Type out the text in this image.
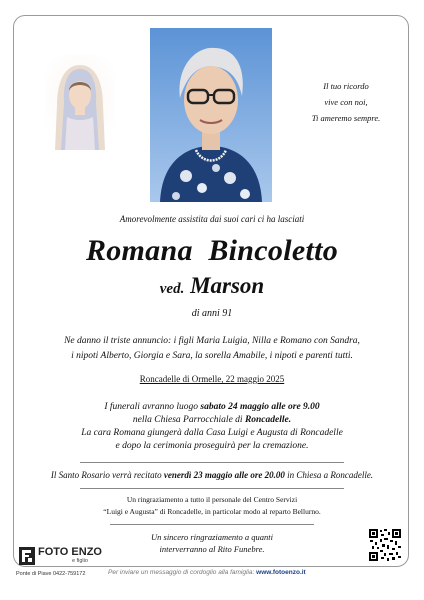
Il tuo ricordo
vive con noi,
Ti ameremo sempre.
Amorevolmente assistita dai suoi cari ci ha lasciati
Romana  Bincoletto
ved. Marson
di anni 91
Ne danno il triste annuncio: i figli Maria Luigia, Nilla e Romano con Sandra,
i nipoti Alberto, Giorgia e Sara, la sorella Amabile, i nipoti e parenti tutti.
Roncadelle di Ormelle, 22 maggio 2025
I funerali avranno luogo sabato 24 maggio alle ore 9.00
nella Chiesa Parrocchiale di Roncadelle.
La cara Romana giungerà dalla Casa Luigi e Augusta di Roncadelle
e dopo la cerimonia proseguirà per la cremazione.
Il Santo Rosario verrà recitato venerdì 23 maggio alle ore 20.00 in Chiesa a Roncadelle.
Un ringraziamento a tutto il personale del Centro Servizi
“Luigi e Augusta” di Roncadelle, in particolar modo al reparto Bellurno.
Un sincero ringraziamento a quanti
interverranno al Rito Funebre.
FOTO ENZO
e figlio
Ponte di Piave 0422-759172	Per inviare un messaggio di cordoglio alla famiglia: www.fotoenzo.it
